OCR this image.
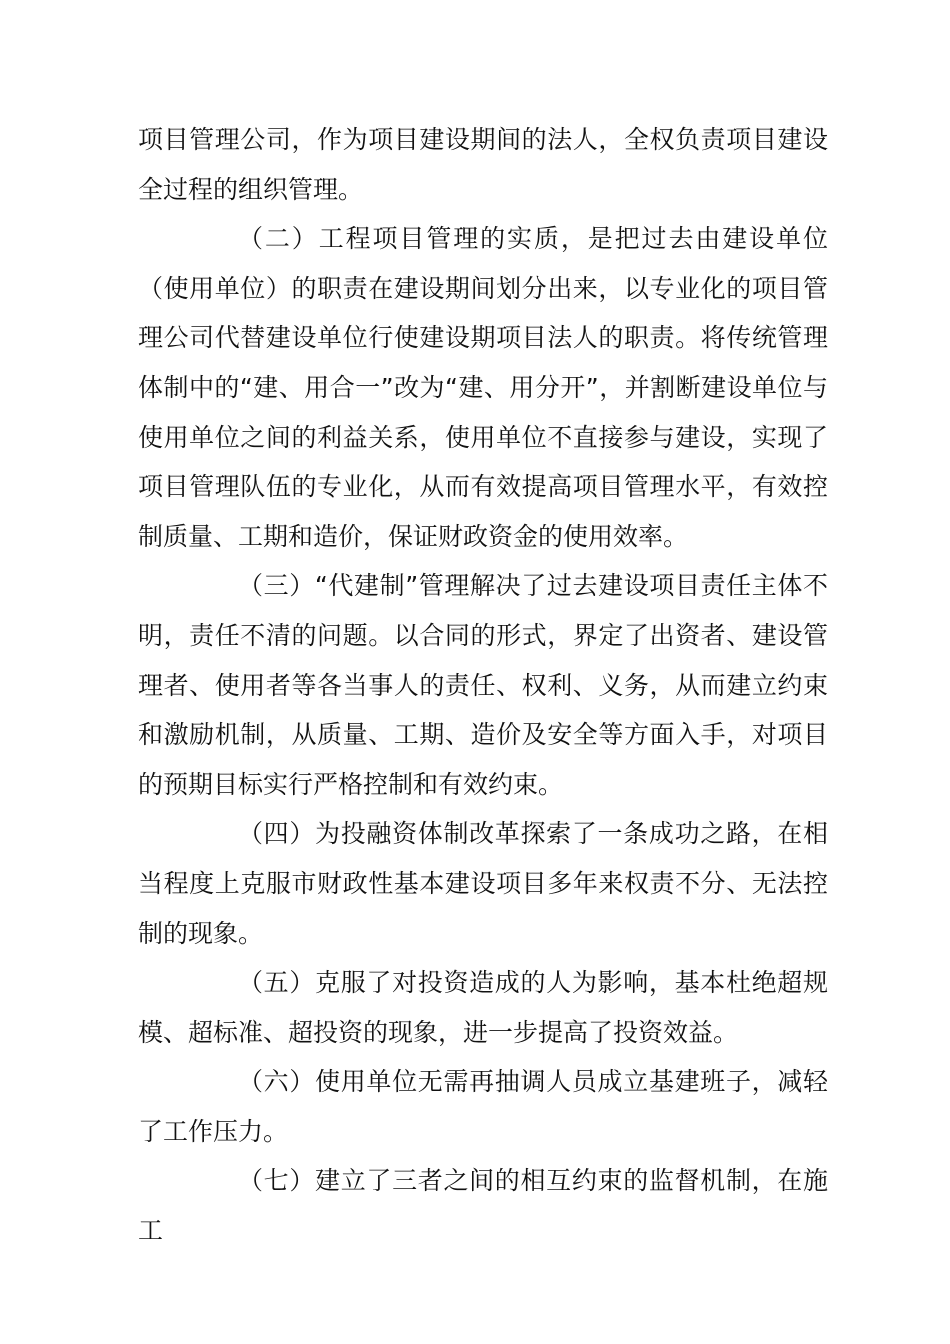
项目管理公司，作为项目建设期间的法人，全权负责项目建设全过程的组织管理。

（二）工程项目管理的实质，是把过去由建设单位（使用单位）的职责在建设期间划分出来，以专业化的项目管理公司代替建设单位行使建设期项目法人的职责。将传统管理体制中的“建、用合一”改为“建、用分开”，并割断建设单位与使用单位之间的利益关系，使用单位不直接参与建设，实现了项目管理队伍的专业化，从而有效提高项目管理水平，有效控制质量、工期和造价，保证财政资金的使用效率。

（三）“代建制”管理解决了过去建设项目责任主体不明，责任不清的问题。以合同的形式，界定了出资者、建设管理者、使用者等各当事人的责任、权利、义务，从而建立约束和激励机制，从质量、工期、造价及安全等方面入手，对项目的预期目标实行严格控制和有效约束。

（四）为投融资体制改革探索了一条成功之路，在相当程度上克服市财政性基本建设项目多年来权责不分、无法控制的现象。

（五）克服了对投资造成的人为影响，基本杜绝超规模、超标准、超投资的现象，进一步提高了投资效益。

（六）使用单位无需再抽调人员成立基建班子，减轻了工作压力。

（七）建立了三者之间的相互约束的监督机制，在施工
